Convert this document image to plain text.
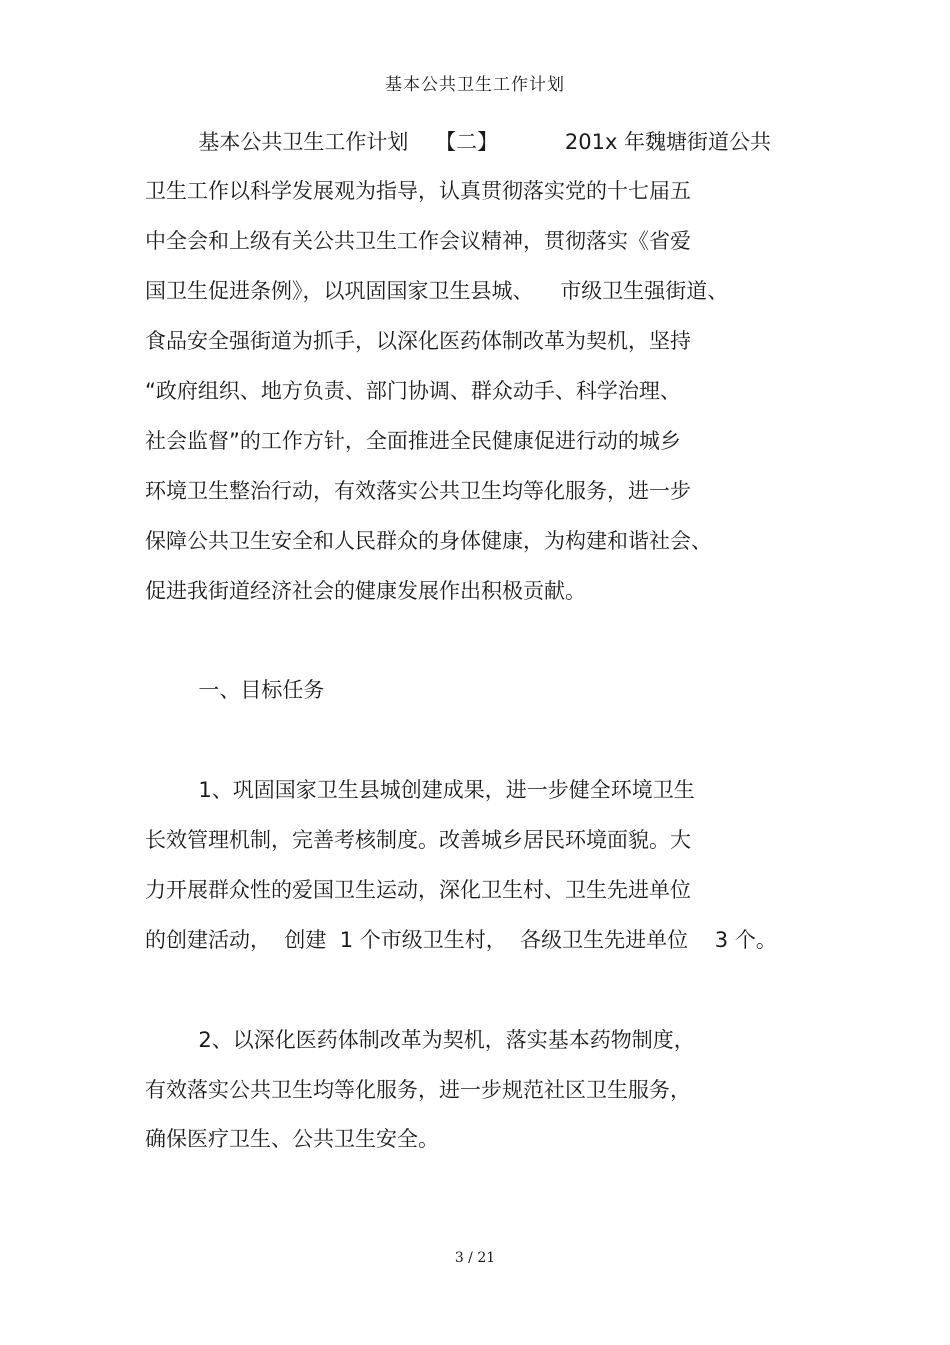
基本公共卫生工作计划
基本公共卫生工作计划    【二】          201x 年魏塘街道公共
卫生工作以科学发展观为指导，认真贯彻落实党的十七届五
中全会和上级有关公共卫生工作会议精神，贯彻落实《省爱
国卫生促进条例》，以巩固国家卫生县城、    市级卫生强街道、
食品安全强街道为抓手，以深化医药体制改革为契机，坚持
“政府组织、地方负责、部门协调、群众动手、科学治理、
社会监督”的工作方针，全面推进全民健康促进行动的城乡
环境卫生整治行动，有效落实公共卫生均等化服务，进一步
保障公共卫生安全和人民群众的身体健康，为构建和谐社会、
促进我街道经济社会的健康发展作出积极贡献。
一、目标任务
1、巩固国家卫生县城创建成果，进一步健全环境卫生
长效管理机制，完善考核制度。改善城乡居民环境面貌。大
力开展群众性的爱国卫生运动，深化卫生村、卫生先进单位
的创建活动，  创建  1 个市级卫生村，  各级卫生先进单位    3 个。
2、以深化医药体制改革为契机，落实基本药物制度，
有效落实公共卫生均等化服务，进一步规范社区卫生服务，
确保医疗卫生、公共卫生安全。
3 / 21
